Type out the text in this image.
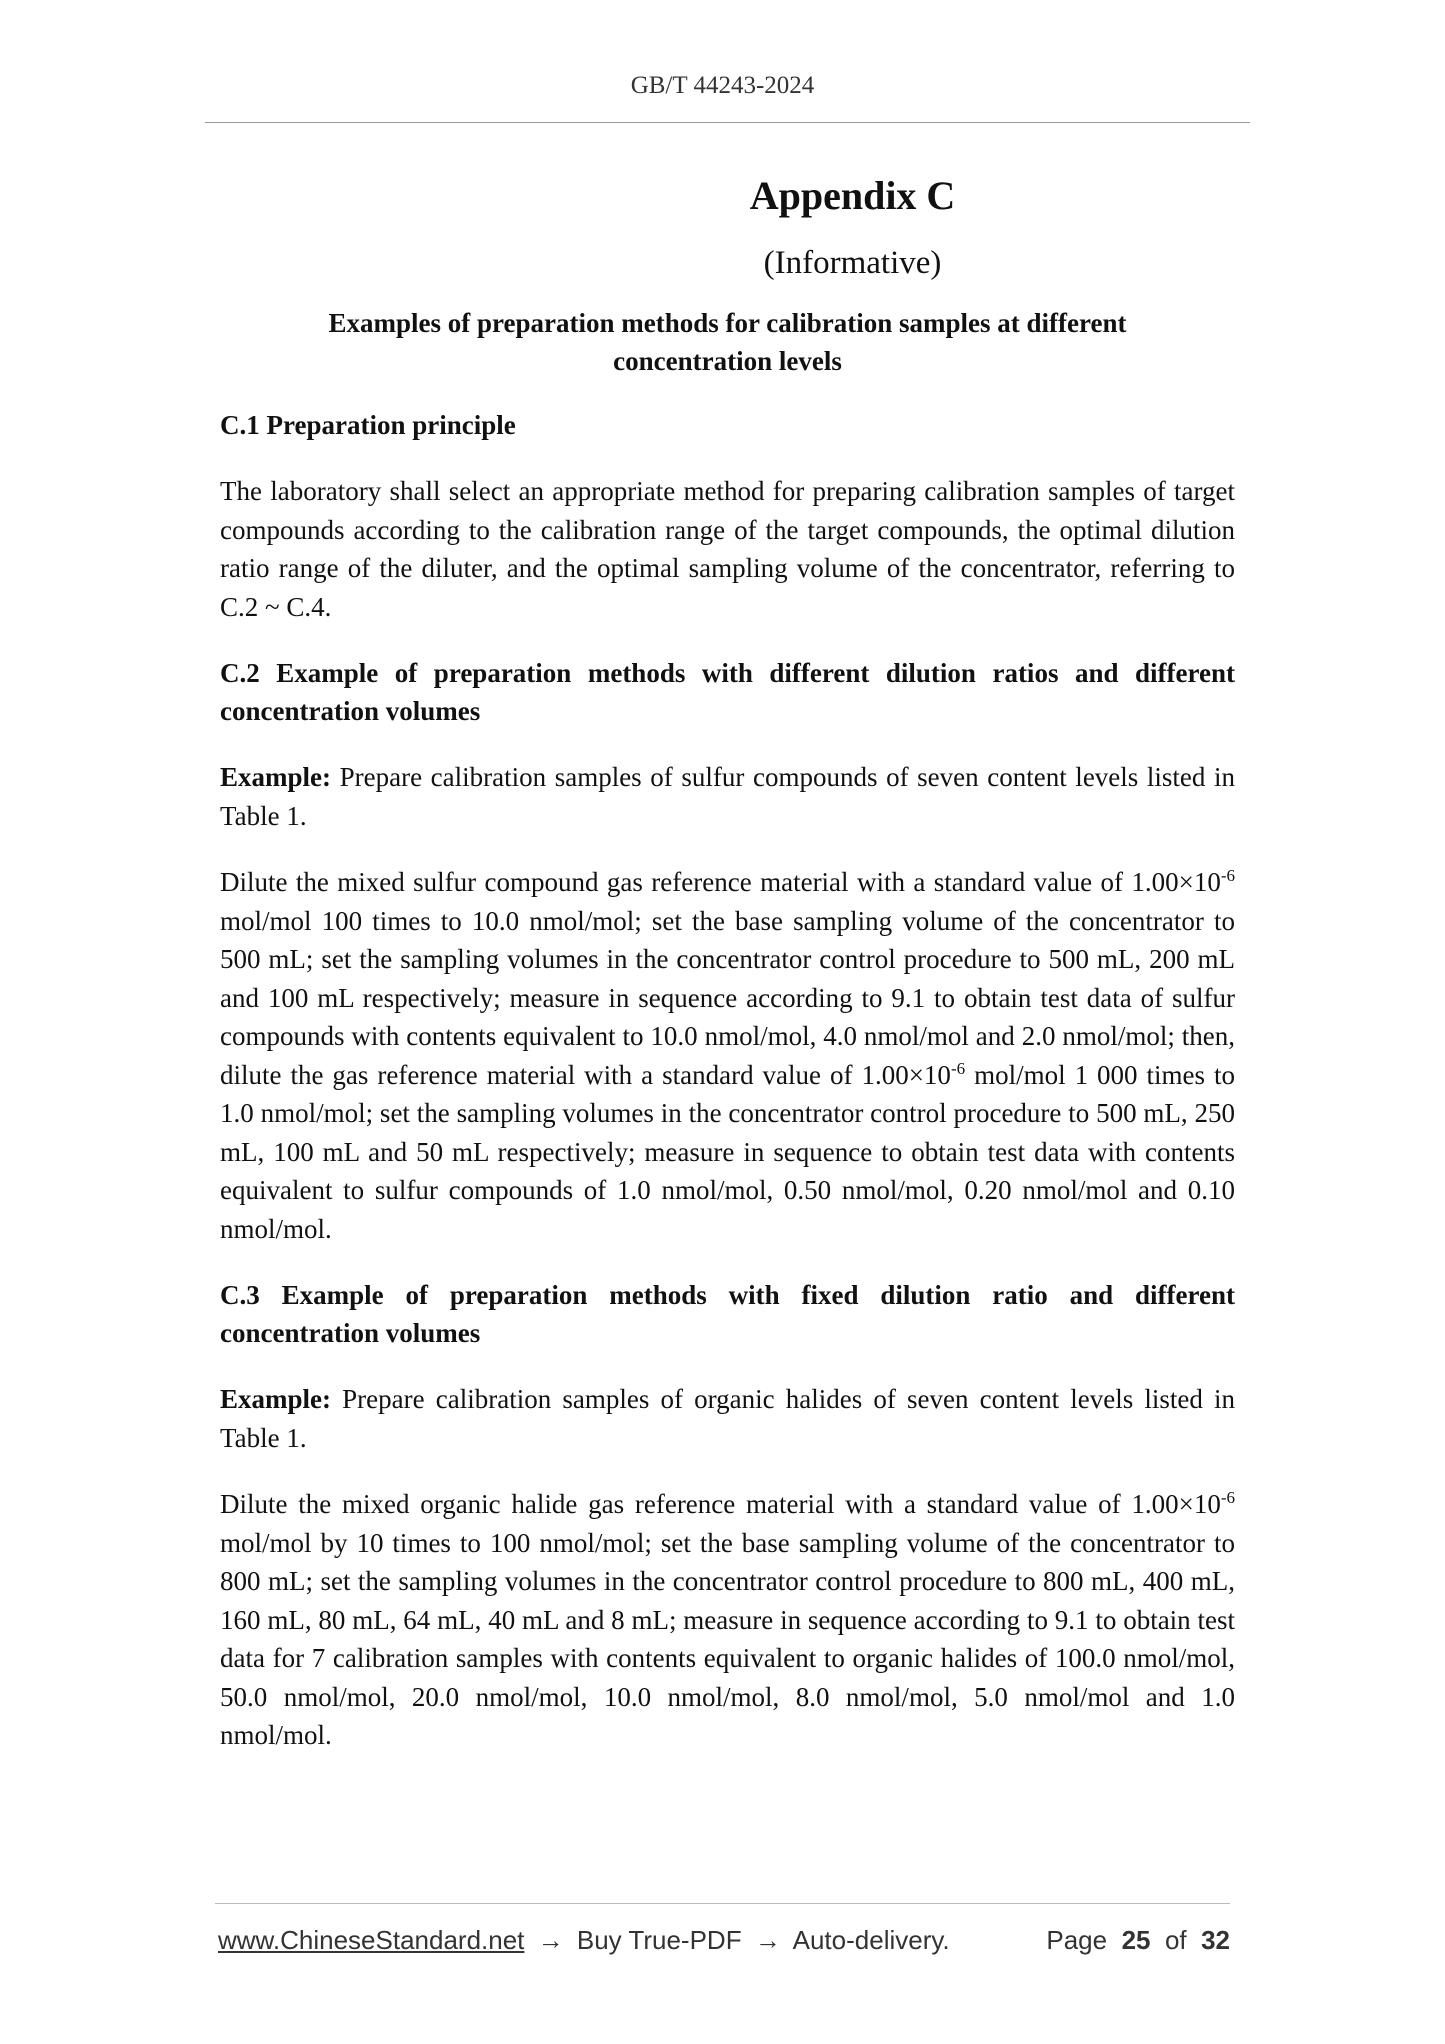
GB/T 44243-2024
Appendix C
(Informative)
Examples of preparation methods for calibration samples at different
concentration levels
C.1 Preparation principle

The laboratory shall select an appropriate method for preparing calibration samples of target compounds according to the calibration range of the target compounds, the optimal dilution ratio range of the diluter, and the optimal sampling volume of the concentrator, referring to C.2 ~ C.4.

C.2 Example of preparation methods with different dilution ratios and different concentration volumes

Example: Prepare calibration samples of sulfur compounds of seven content levels listed in Table 1.

Dilute the mixed sulfur compound gas reference material with a standard value of $1.00\times 10^{-6}$ mol/mol 100 times to 10.0 nmol/mol; set the base sampling volume of the concentrator to 500 mL; set the sampling volumes in the concentrator control procedure to 500 mL, 200 mL and 100 mL respectively; measure in sequence according to 9.1 to obtain test data of sulfur compounds with contents equivalent to 10.0 nmol/mol, 4.0 nmol/mol and 2.0 nmol/mol; then, dilute the gas reference material with a standard value of $1.00\times 10^{-6}$ mol/mol 1 000 times to 1.0 nmol/mol; set the sampling volumes in the concentrator control procedure to 500 mL, 250 mL, 100 mL and 50 mL respectively; measure in sequence to obtain test data with contents equivalent to sulfur compounds of 1.0 nmol/mol, 0.50 nmol/mol, 0.20 nmol/mol and 0.10 nmol/mol.

C.3 Example of preparation methods with fixed dilution ratio and different concentration volumes

Example: Prepare calibration samples of organic halides of seven content levels listed in Table 1.

Dilute the mixed organic halide gas reference material with a standard value of $1.00\times 10^{-6}$ mol/mol by 10 times to 100 nmol/mol; set the base sampling volume of the concentrator to 800 mL; set the sampling volumes in the concentrator control procedure to 800 mL, 400 mL, 160 mL, 80 mL, 64 mL, 40 mL and 8 mL; measure in sequence according to 9.1 to obtain test data for 7 calibration samples with contents equivalent to organic halides of 100.0 nmol/mol, 50.0 nmol/mol, 20.0 nmol/mol, 10.0 nmol/mol, 8.0 nmol/mol, 5.0 nmol/mol and 1.0 nmol/mol.

www.ChineseStandard.net → Buy True-PDF → Auto-delivery.	Page 25 of 32
